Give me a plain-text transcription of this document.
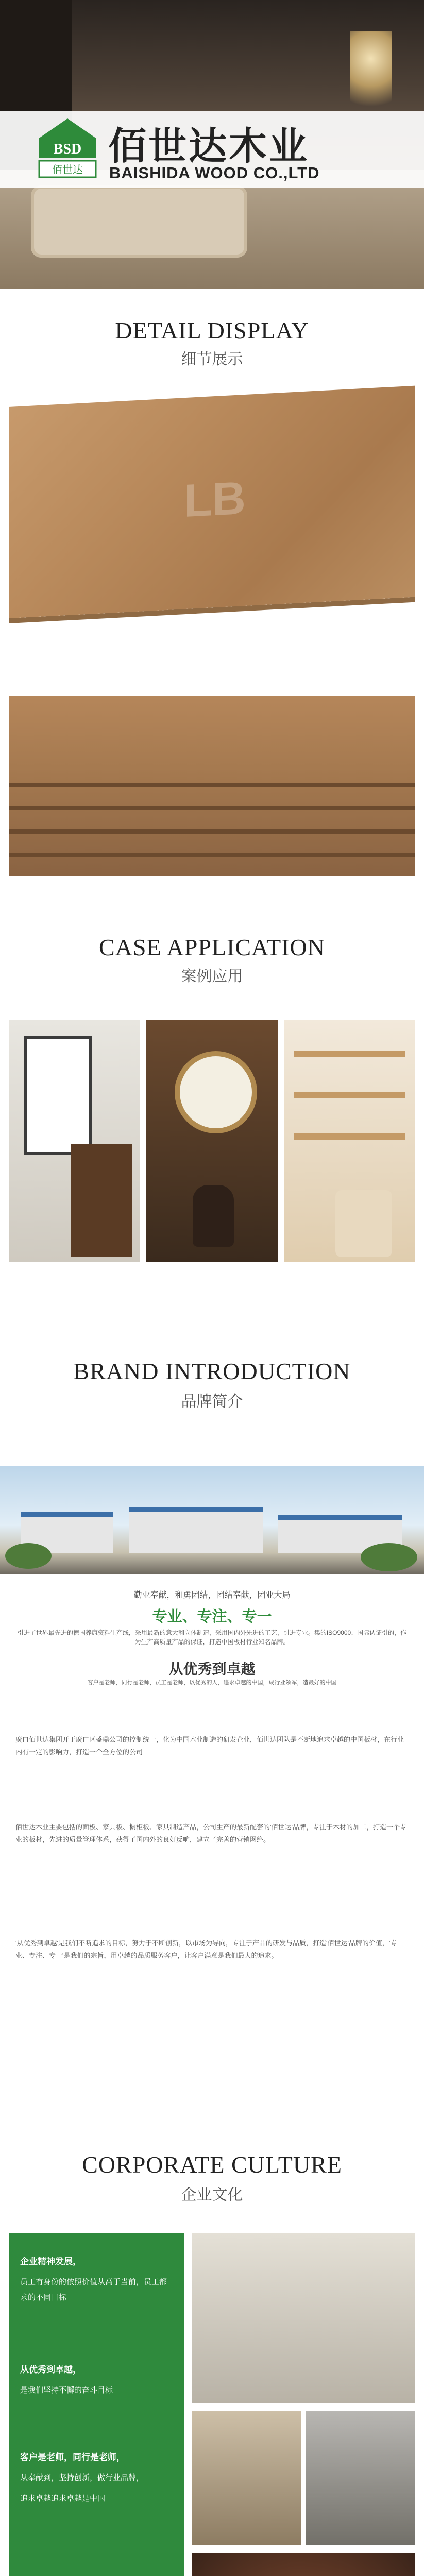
BSD
佰世达
佰世达木业
BAISHIDA WOOD CO.,LTD
DETAIL DISPLAY
细节展示
LB
CASE APPLICATION
案例应用
BRAND INTRODUCTION
品牌简介
勤业奉献，和勇团结，团结奉献，团业大局
专业、专注、专一
引进了世界最先进的德国养康资料生产线，采用最新的意大利立体制造，采用国内外先进的工艺，引进专业。集的ISO9000、国际认证引的，作为生产高质量产品的保证，打造中国板材行业知名品牌。
从优秀到卓越
客户是老师，同行是老师，员工是老师，以优秀的人，追求卓越的中国，成行业领军，造最好的中国
廣口佰世达集团开于廣口区盛鼎公司的控制统一，化为中国木业制造的研发企业，佰世达团队是不断地追求卓越的中国板材，在行业内有一定的影响力，打造一个全方位的公司
佰世达木业主要包括的面板、家具板、橱柜板、家具制造产品，公司生产的最新配套的'佰世达'品牌，专注于木材的加工，打造一个专业的板材，先进的质量管理体系，获得了国内外的良好反响，建立了完善的营销网络。
'从优秀到卓越'是我们不断追求的目标，努力于不断创新，以市场为导向，专注于产品的研发与品质，打造'佰世达'品牌的价值，'专业、专注、专一'是我们的宗旨，用卓越的品质服务客户，让客户满意是我们最大的追求。
CORPORATE CULTURE
企业文化
企业精神发展，
员工有身份的依照价值从高于当前，员工都
求的不同目标
从优秀到卓越，
是我们坚持不懈的奋斗目标
客户是老师，同行是老师，
从奉献到，坚持创新，做行业品牌，
追求卓越追求卓越是中国
